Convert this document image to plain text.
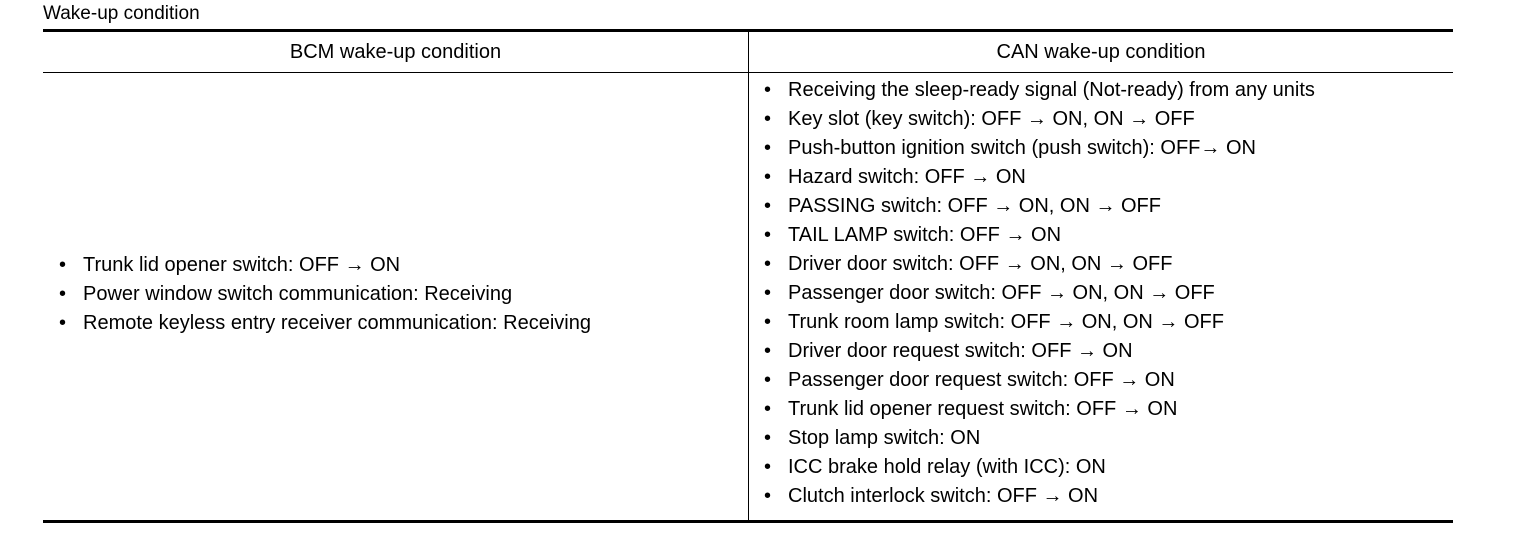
Wake-up condition
BCM wake-up condition	CAN wake-up condition
• Trunk lid opener switch: OFF → ON
• Power window switch communication: Receiving
• Remote keyless entry receiver communication: Receiving
• Receiving the sleep-ready signal (Not-ready) from any units
• Key slot (key switch): OFF → ON, ON → OFF
• Push-button ignition switch (push switch): OFF→ ON
• Hazard switch: OFF → ON
• PASSING switch: OFF → ON, ON → OFF
• TAIL LAMP switch: OFF → ON
• Driver door switch: OFF → ON, ON → OFF
• Passenger door switch: OFF → ON, ON → OFF
• Trunk room lamp switch: OFF → ON, ON → OFF
• Driver door request switch: OFF → ON
• Passenger door request switch: OFF → ON
• Trunk lid opener request switch: OFF → ON
• Stop lamp switch: ON
• ICC brake hold relay (with ICC): ON
• Clutch interlock switch: OFF → ON
